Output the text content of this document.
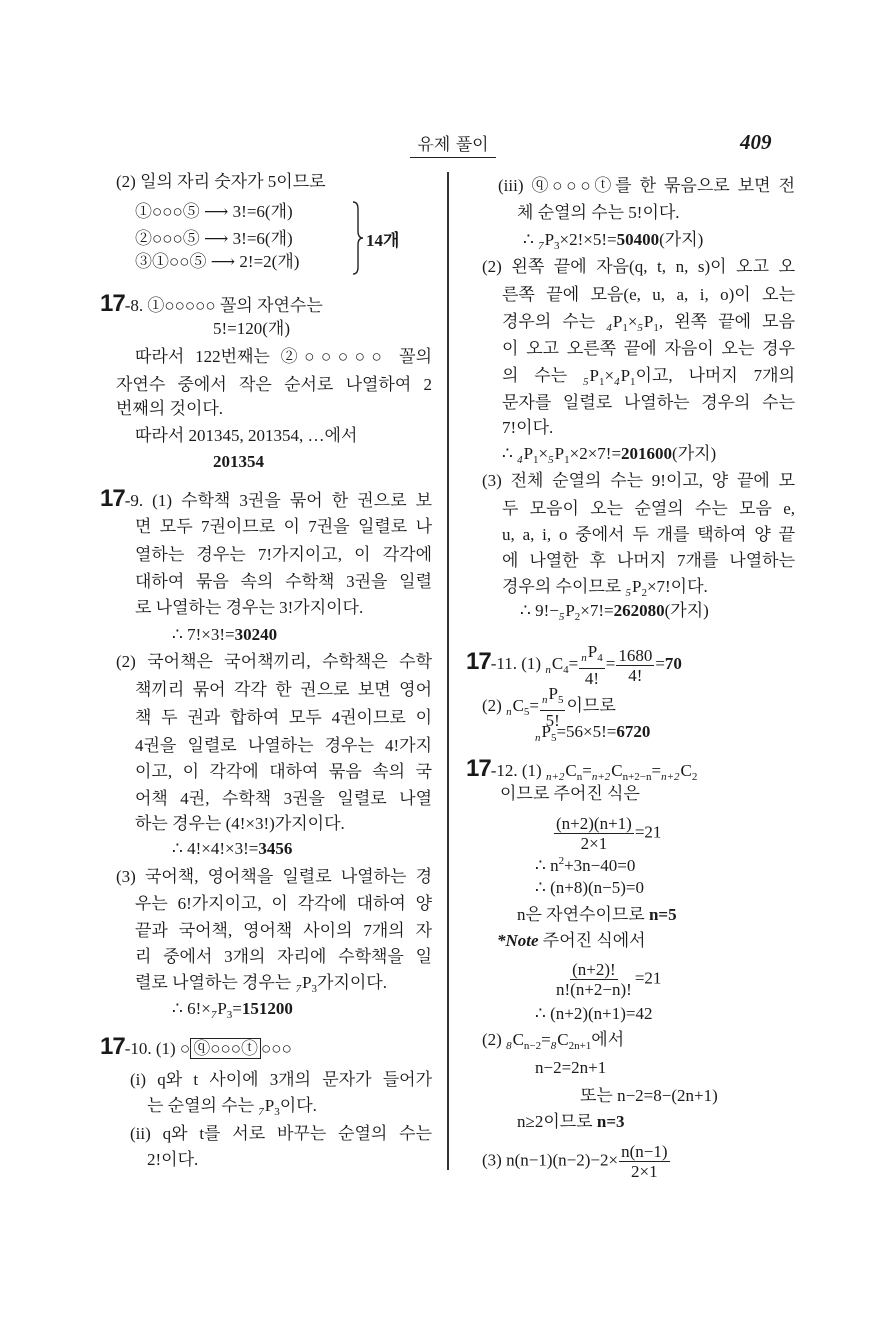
유제 풀이	409
(2) 일의 자리 숫자가 5이므로
①○○○⑤ ⟶ 3!=6(개)
②○○○⑤ ⟶ 3!=6(개)
③①○○⑤ ⟶ 2!=2(개)
17-8. ①○○○○○ 꼴의 자연수는
5!=120(개)
따라서 122번째는 ②○○○○○ 꼴의
자연수 중에서 작은 순서로 나열하여 2
번째의 것이다.
따라서 201345, 201354, …에서
201354
17-9. (1) 수학책 3권을 묶어 한 권으로 보
면 모두 7권이므로 이 7권을 일렬로 나
열하는 경우는 7!가지이고, 이 각각에
대하여 묶음 속의 수학책 3권을 일렬
로 나열하는 경우는 3!가지이다.
∴ 7!×3!=30240
(2) 국어책은 국어책끼리, 수학책은 수학
책끼리 묶어 각각 한 권으로 보면 영어
책 두 권과 합하여 모두 4권이므로 이
4권을 일렬로 나열하는 경우는 4!가지
이고, 이 각각에 대하여 묶음 속의 국
어책 4권, 수학책 3권을 일렬로 나열
하는 경우는 (4!×3!)가지이다.
∴ 4!×4!×3!=3456
(3) 국어책, 영어책을 일렬로 나열하는 경
우는 6!가지이고, 이 각각에 대하여 양
끝과 국어책, 영어책 사이의 7개의 자
리 중에서 3개의 자리에 수학책을 일
렬로 나열하는 경우는 $_7P_3$가지이다.
∴ $6!\times_7P_3=151200$
17-10. (1) ○ ⓠ○○○ⓣ ○○○
(i) q와 t 사이에 3개의 문자가 들어가
는 순열의 수는 $_7P_3$이다.
(ii) q와 t를 서로 바꾸는 순열의 수는
2!이다.
(iii) ⓠ○○○ⓣ를 한 묶음으로 보면 전
체 순열의 수는 5!이다.
∴ $_7P_3\times 2!\times 5!=50400$(가지)
(2) 왼쪽 끝에 자음(q, t, n, s)이 오고 오
른쪽 끝에 모음(e, u, a, i, o)이 오는
경우의 수는 $_4P_1\times_5P_1$, 왼쪽 끝에 모음
이 오고 오른쪽 끝에 자음이 오는 경우
의 수는 $_5P_1\times_4P_1$이고, 나머지 7개의
문자를 일렬로 나열하는 경우의 수는
7!이다.
∴ $_4P_1\times_5P_1\times 2\times 7!=201600$(가지)
(3) 전체 순열의 수는 9!이고, 양 끝에 모
두 모음이 오는 순열의 수는 모음 e,
u, a, i, o 중에서 두 개를 택하여 양 끝
에 나열한 후 나머지 7개를 나열하는
경우의 수이므로 $_5P_2\times 7$!이다.
∴ $9!-_5P_2\times 7!=262080$(가지)
17-11. (1) $_nC_4= \frac{_nP_4}{4!} = \frac{1680}{4!} =70$
(2) $_nC_5= \frac{_nP_5}{5!}$ 이므로
$_nP_5=56\times 5!=6720$
17-12. (1) $_{n+2}C_n=_{n+2}C_{n+2-n}=_{n+2}C_2$
이므로 주어진 식은
$\frac{(n+2)(n+1)}{2\times 1} =21$
∴ $n^2+3n-40=0$
∴ (n+8)(n−5)=0
n은 자연수이므로 n=5
*Note 주어진 식에서
$\frac{(n+2)!}{n!(n+2-n)!} =21$
∴ (n+2)(n+1)=42
(2) $_8C_{n-2}=_8C_{2n+1}$에서
n−2=2n+1
또는 n−2=8−(2n+1)
n≥2이므로 n=3
(3) $n(n-1)(n-2)-2\times \frac{n(n-1)}{2\times 1}$
14개
